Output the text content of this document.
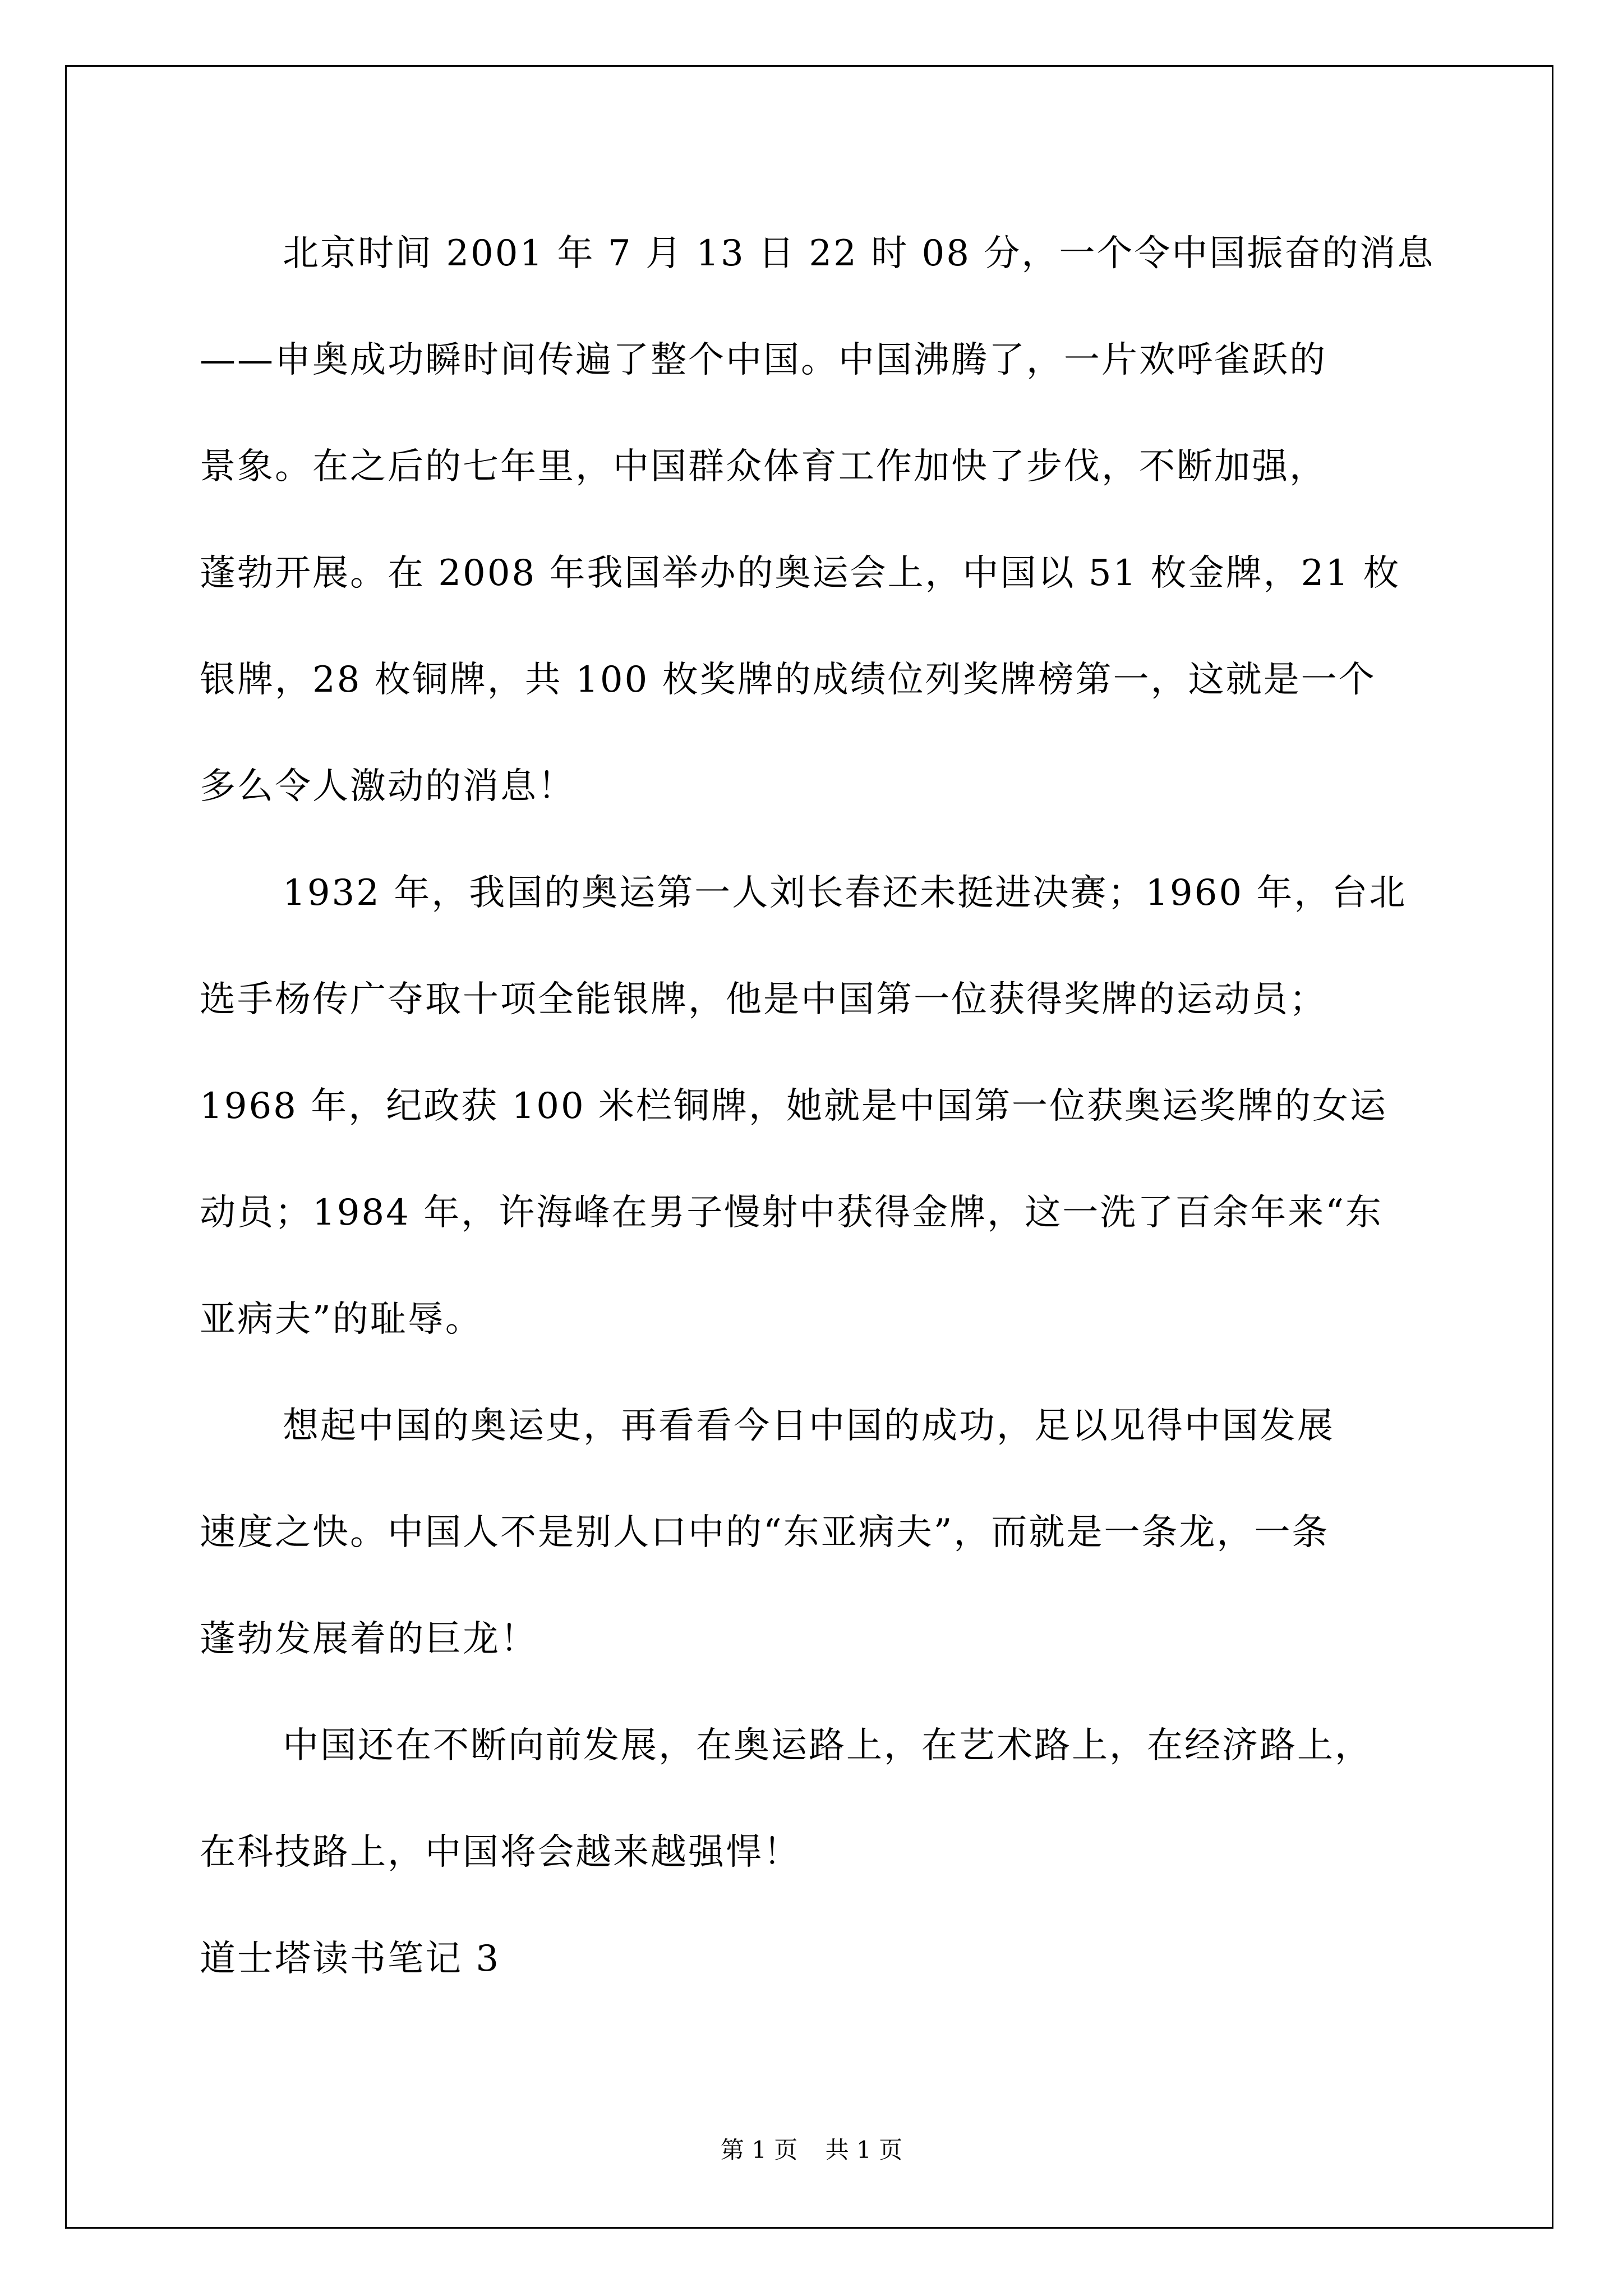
北京时间 2001 年 7 月 13 日 22 时 08 分，一个令中国振奋的消息

——申奥成功瞬时间传遍了整个中国。中国沸腾了，一片欢呼雀跃的

景象。在之后的七年里，中国群众体育工作加快了步伐，不断加强，

蓬勃开展。在 2008 年我国举办的奥运会上，中国以 51 枚金牌，21 枚

银牌，28 枚铜牌，共 100 枚奖牌的成绩位列奖牌榜第一，这就是一个

多么令人激动的消息！

1932 年，我国的奥运第一人刘长春还未挺进决赛；1960 年，台北

选手杨传广夺取十项全能银牌，他是中国第一位获得奖牌的运动员；

1968 年，纪政获 100 米栏铜牌，她就是中国第一位获奥运奖牌的女运

动员；1984 年，许海峰在男子慢射中获得金牌，这一洗了百余年来“东

亚病夫”的耻辱。

想起中国的奥运史，再看看今日中国的成功，足以见得中国发展

速度之快。中国人不是别人口中的“东亚病夫”，而就是一条龙，一条

蓬勃发展着的巨龙！

中国还在不断向前发展，在奥运路上，在艺术路上，在经济路上，

在科技路上，中国将会越来越强悍！

道士塔读书笔记 3

第 1 页 共 1 页
